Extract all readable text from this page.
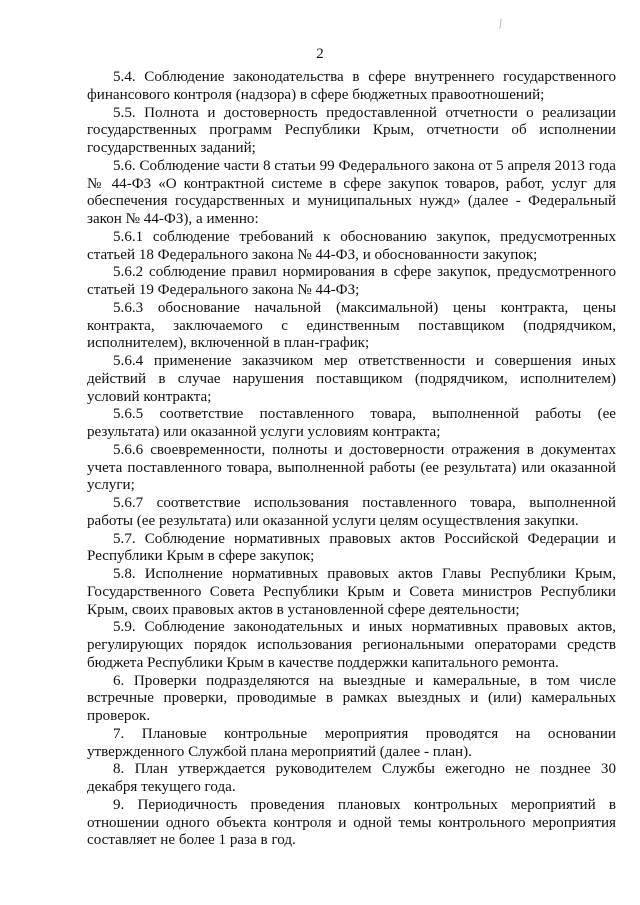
2

5.4. Соблюдение законодательства в сфере внутреннего государственного финансового контроля (надзора) в сфере бюджетных правоотношений;

5.5. Полнота и достоверность предоставленной отчетности о реализации государственных программ Республики Крым, отчетности об исполнении государственных заданий;

5.6. Соблюдение части 8 статьи 99 Федерального закона от 5 апреля 2013 года № 44-ФЗ «О контрактной системе в сфере закупок товаров, работ, услуг для обеспечения государственных и муниципальных нужд» (далее - Федеральный закон № 44-ФЗ), а именно:

5.6.1 соблюдение требований к обоснованию закупок, предусмотренных статьей 18 Федерального закона № 44-ФЗ, и обоснованности закупок;

5.6.2 соблюдение правил нормирования в сфере закупок, предусмотренного статьей 19 Федерального закона № 44-ФЗ;

5.6.3 обоснование начальной (максимальной) цены контракта, цены контракта, заключаемого с единственным поставщиком (подрядчиком, исполнителем), включенной в план-график;

5.6.4 применение заказчиком мер ответственности и совершения иных действий в случае нарушения поставщиком (подрядчиком, исполнителем) условий контракта;

5.6.5 соответствие поставленного товара, выполненной работы (ее результата) или оказанной услуги условиям контракта;

5.6.6 своевременности, полноты и достоверности отражения в документах учета поставленного товара, выполненной работы (ее результата) или оказанной услуги;

5.6.7 соответствие использования поставленного товара, выполненной работы (ее результата) или оказанной услуги целям осуществления закупки.

5.7. Соблюдение нормативных правовых актов Российской Федерации и Республики Крым в сфере закупок;

5.8. Исполнение нормативных правовых актов Главы Республики Крым, Государственного Совета Республики Крым и Совета министров Республики Крым, своих правовых актов в установленной сфере деятельности;

5.9. Соблюдение законодательных и иных нормативных правовых актов, регулирующих порядок использования региональными операторами средств бюджета Республики Крым в качестве поддержки капитального ремонта.

6. Проверки подразделяются на выездные и камеральные, в том числе встречные проверки, проводимые в рамках выездных и (или) камеральных проверок.

7. Плановые контрольные мероприятия проводятся на основании утвержденного Службой плана мероприятий (далее - план).

8. План утверждается руководителем Службы ежегодно не позднее 30 декабря текущего года.

9. Периодичность проведения плановых контрольных мероприятий в отношении одного объекта контроля и одной темы контрольного мероприятия составляет не более 1 раза в год.
